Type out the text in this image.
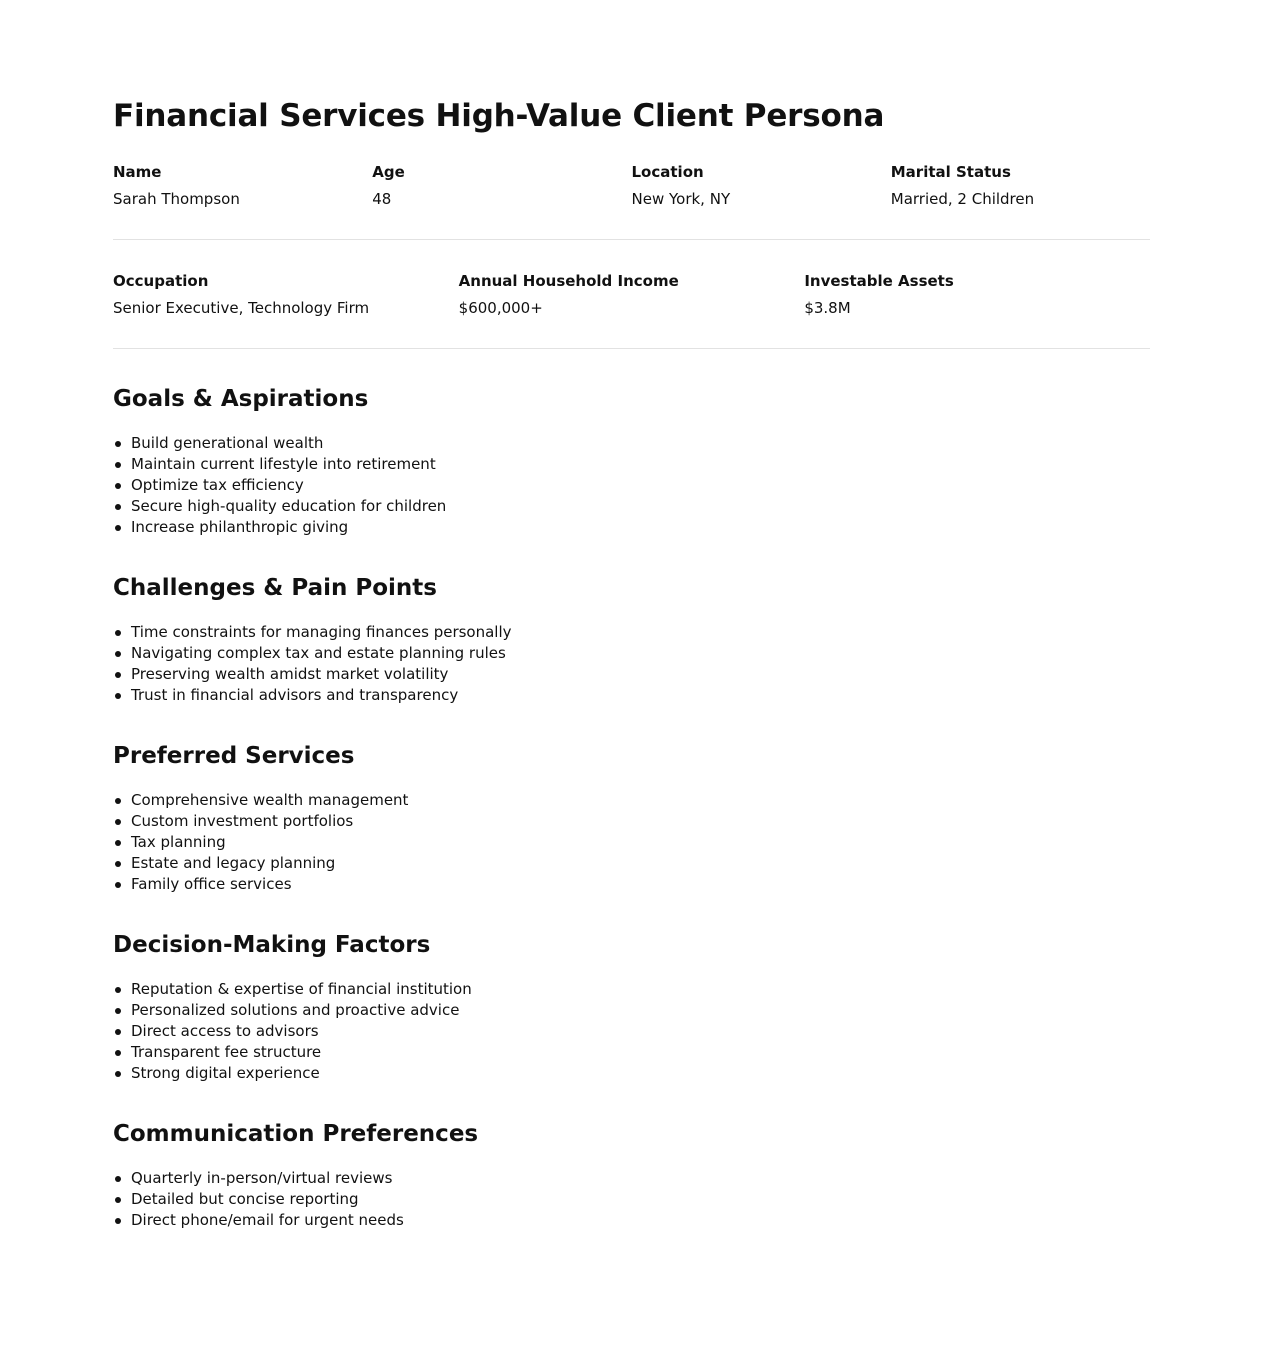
Financial Services High-Value Client Persona
Name
Sarah Thompson
Age
48
Location
New York, NY
Marital Status
Married, 2 Children
Occupation
Senior Executive, Technology Firm
Annual Household Income
$600,000+
Investable Assets
$3.8M
Goals & Aspirations
Build generational wealth
Maintain current lifestyle into retirement
Optimize tax efficiency
Secure high-quality education for children
Increase philanthropic giving
Challenges & Pain Points
Time constraints for managing finances personally
Navigating complex tax and estate planning rules
Preserving wealth amidst market volatility
Trust in financial advisors and transparency
Preferred Services
Comprehensive wealth management
Custom investment portfolios
Tax planning
Estate and legacy planning
Family office services
Decision-Making Factors
Reputation & expertise of financial institution
Personalized solutions and proactive advice
Direct access to advisors
Transparent fee structure
Strong digital experience
Communication Preferences
Quarterly in-person/virtual reviews
Detailed but concise reporting
Direct phone/email for urgent needs
